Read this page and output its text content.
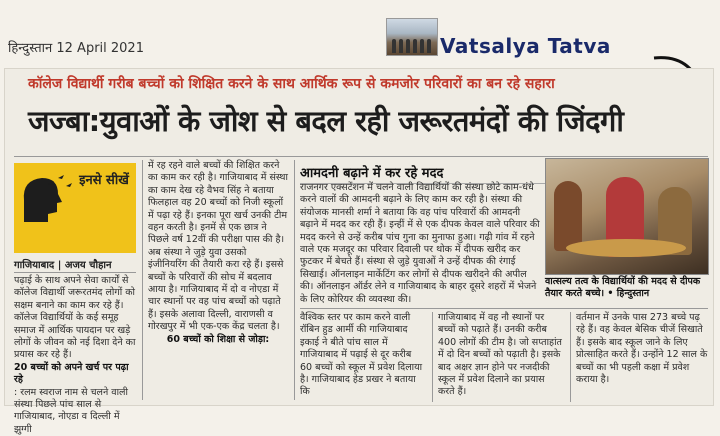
हिन्दुस्तान 12 April 2021	Vatsalya Tatva
कॉलेज विद्यार्थी गरीब बच्चों को शिक्षित करने के साथ आर्थिक रूप से कमजोर परिवारों का बन रहे सहारा
जज्बा:युवाओं के जोश से बदल रही जरूरतमंदों की जिंदगी
इनसे सीखें
गाजियाबाद | अजय चौहान

पढ़ाई के साथ अपने सेवा कार्यों से कॉलेज विद्यार्थी जरूरतमंद लोगों को सक्षम बनाने का काम कर रहे हैं। कॉलेज विद्यार्थियों के कई समूह समाज में आर्थिक पायदान पर खड़े लोगों के जीवन को नई दिशा देने का प्रयास कर रहे हैं।

20 बच्चों को अपने खर्च पर पढ़ा रहे

: रलम स्वराज नाम से चलने वाली संस्था पिछले पांच साल से गाजियाबाद, नोएडा व दिल्ली में झुग्गी

में रह रहने वाले बच्चों की शिक्षित करने का काम कर रही है। गाजियाबाद में संस्था का काम देख रहे वैभव सिंह ने बताया फिलहाल वह 20 बच्चों को निजी स्कूलों में पढ़ा रहे हैं। इनका पूरा खर्च उनकी टीम वहन करती है। इनमें से एक छात्र ने पिछले वर्ष 12वीं की परीक्षा पास की है। अब संस्था ने जुड़े युवा उसको इंजीनियरिंग की तैयारी करा रहे हैं। इससे बच्चों के परिवारों की सोच में बदलाव आया है। गाजियाबाद में दो व नोएडा में चार स्थानों पर वह पांच बच्चों को पढ़ाते हैं। इसके अलावा दिल्ली, वाराणसी व गोरखपुर में भी एक-एक केंद्र चलता है।

60 बच्चों को शिक्षा से जोड़ा:

आमदनी बढ़ाने में कर रहे मदद

राजनगर एक्सटेंशन में चलने वाली विद्यार्थियों की संस्था छोटे काम-धंधे करने वालों की आमदनी बढ़ाने के लिए काम कर रही है। संस्था की संयोजक मानसी शर्मा ने बताया कि वह पांच परिवारों की आमदनी बढ़ाने में मदद कर रही हैं। इन्हीं में से एक दीपक केवल वाले परिवार की मदद करने से उन्हें करीब पांच गुना का मुनाफा हुआ। गढ़ी गांव में रहने वाले एक मजदूर का परिवार दिवाली पर थोक में दीपक खरीद कर फुटकर में बेचते हैं। संस्था से जुड़े युवाओं ने उन्हें दीपक की रंगाई सिखाई। ऑनलाइन मार्केटिंग कर लोगों से दीपक खरीदने की अपील की। ऑनलाइन ऑर्डर लेने व गाजियाबाद के बाहर दूसरे शहरों में भेजने के लिए कोरियर की व्यवस्था की।

वात्सल्य तत्व के विद्यार्थियों की मदद से दीपक तैयार करते बच्चे। • हिन्दुस्तान

वैश्विक स्तर पर काम करने वाली रॉबिन हुड आर्मी की गाजियाबाद इकाई ने बीते पांच साल में गाजियाबाद में पढ़ाई से दूर करीब 60 बच्चों को स्कूल में प्रवेश दिलाया है। गाजियाबाद हेड प्रखर ने बताया कि

गाजियाबाद में वह नौ स्थानों पर बच्चों को पढ़ाते हैं। उनकी करीब 400 लोगों की टीम है। जो सप्ताहांत में दो दिन बच्चों को पढ़ाती है। इसके बाद अक्षर ज्ञान होने पर नजदीकी स्कूल में प्रवेश दिलाने का प्रयास करते हैं।

वर्तमान में उनके पास 273 बच्चे पढ़ रहे हैं। वह केवल बेसिक चीजें सिखाते हैं। इसके बाद स्कूल जाने के लिए प्रोत्साहित करते हैं। उन्होंने 12 साल के बच्चों का भी पहली कक्षा में प्रवेश कराया है।
